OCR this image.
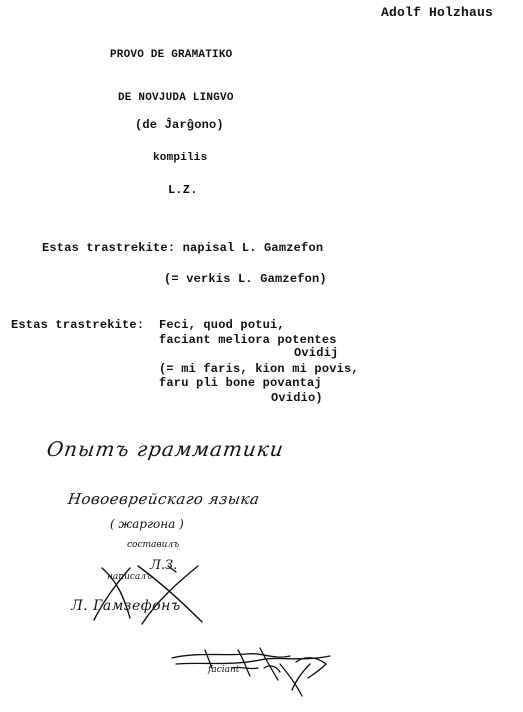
Adolf Holzhaus
PROVO DE GRAMATIKO
DE NOVJUDA LINGVO
(de Ĵarĝono)
kompilis
L.Z.
Estas trastrekite: napisal L. Gamzefon
(= verkis L. Gamzefon)
Estas trastrekite: Feci, quod potui,
faciant meliora potentes
Ovidij
(= mi faris, kion mi povis,
faru pli bone povantaj
Ovidio)
Опытъ грамматики
Новоеврейскаго языка
( жаргона )
составилъ
Л.З.
написалъ
Л. Гамзефонъ
faciant
